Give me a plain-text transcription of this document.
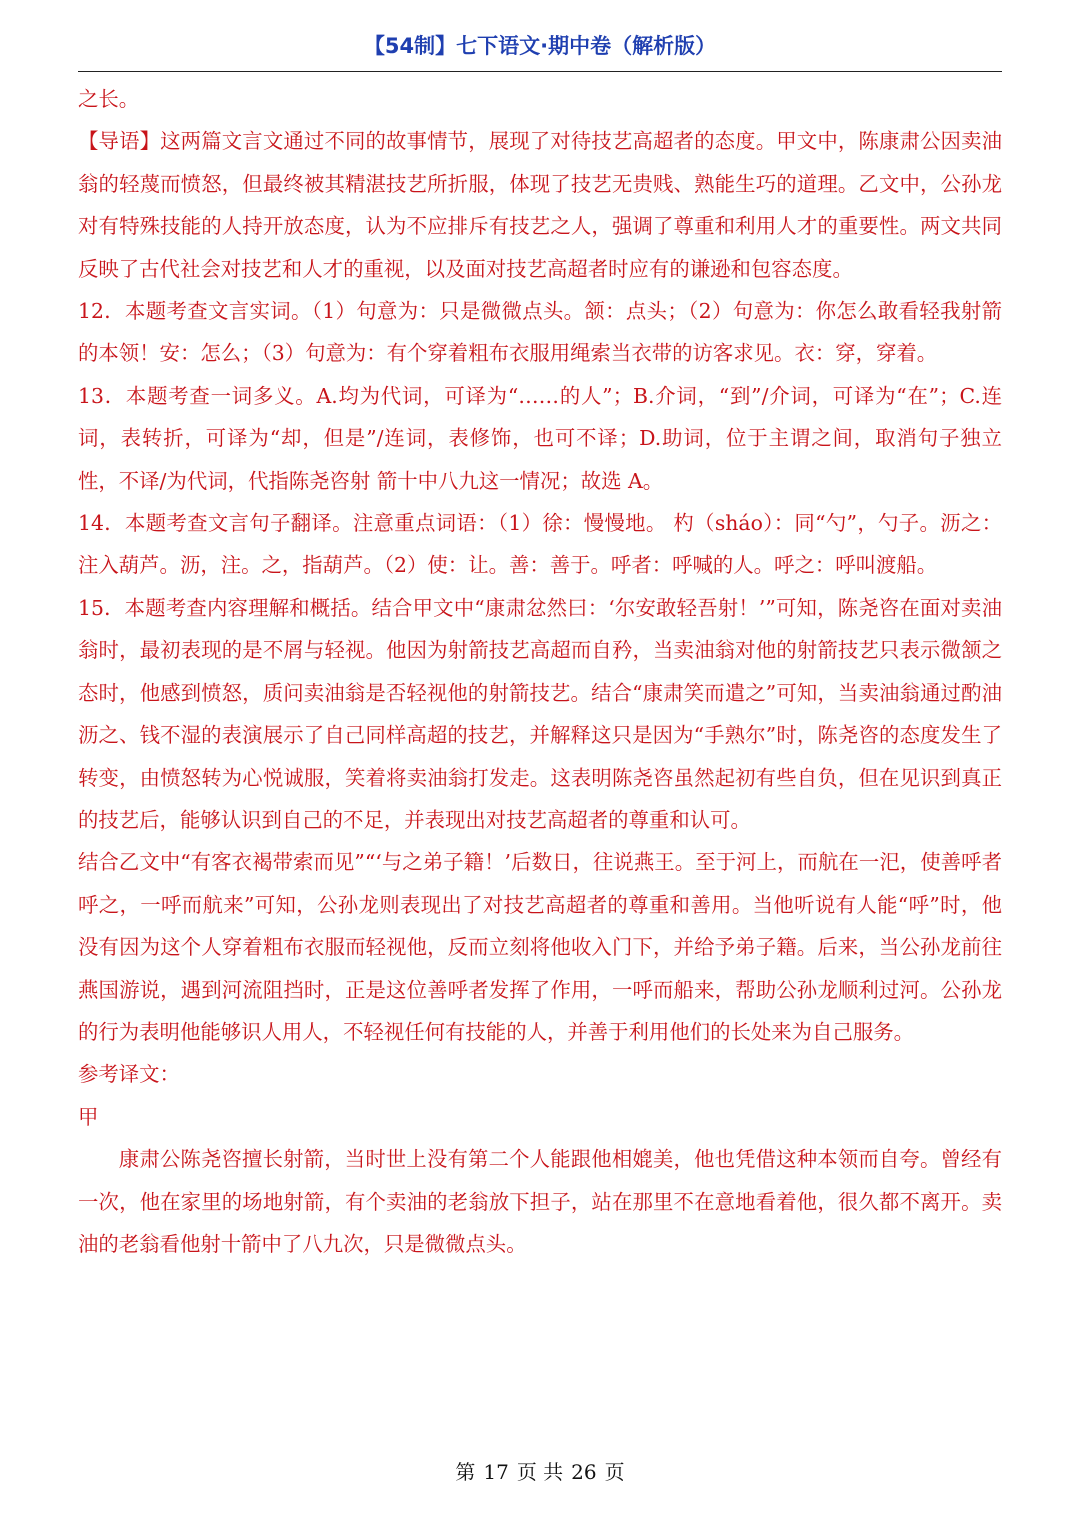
【54制】七下语文·期中卷（解析版）

之长。

【导语】这两篇文言文通过不同的故事情节，展现了对待技艺高超者的态度。甲文中，陈康肃公因卖油翁的轻蔑而愤怒，但最终被其精湛技艺所折服，体现了技艺无贵贱、熟能生巧的道理。乙文中，公孙龙对有特殊技能的人持开放态度，认为不应排斥有技艺之人，强调了尊重和利用人才的重要性。两文共同反映了古代社会对技艺和人才的重视，以及面对技艺高超者时应有的谦逊和包容态度。

12．本题考查文言实词。（1）句意为：只是微微点头。颔：点头；（2）句意为：你怎么敢看轻我射箭的本领！安：怎么；（3）句意为：有个穿着粗布衣服用绳索当衣带的访客求见。衣：穿，穿着。

13．本题考查一词多义。A.均为代词，可译为“……的人”；B.介词，“到”/介词，可译为“在”；C.连词，表转折，可译为“却，但是”/连词，表修饰，也可不译；D.助词，位于主谓之间，取消句子独立性，不译/为代词，代指陈尧咨射 箭十中八九这一情况；故选 A。

14．本题考查文言句子翻译。注意重点词语：（1）徐：慢慢地。 杓（sháo）：同“勺”，勺子。沥之：注入葫芦。沥，注。之，指葫芦。（2）使：让。善：善于。呼者：呼喊的人。呼之：呼叫渡船。

15．本题考查内容理解和概括。结合甲文中“康肃忿然曰：‘尔安敢轻吾射！’”可知，陈尧咨在面对卖油翁时，最初表现的是不屑与轻视。他因为射箭技艺高超而自矜，当卖油翁对他的射箭技艺只表示微颔之态时，他感到愤怒，质问卖油翁是否轻视他的射箭技艺。结合“康肃笑而遣之”可知，当卖油翁通过酌油沥之、钱不湿的表演展示了自己同样高超的技艺，并解释这只是因为“手熟尔”时，陈尧咨的态度发生了转变，由愤怒转为心悦诚服，笑着将卖油翁打发走。这表明陈尧咨虽然起初有些自负，但在见识到真正的技艺后，能够认识到自己的不足，并表现出对技艺高超者的尊重和认可。

结合乙文中“有客衣褐带索而见”“‘与之弟子籍！’后数日，往说燕王。至于河上，而航在一汜，使善呼者呼之，一呼而航来”可知，公孙龙则表现出了对技艺高超者的尊重和善用。当他听说有人能“呼”时，他没有因为这个人穿着粗布衣服而轻视他，反而立刻将他收入门下，并给予弟子籍。后来，当公孙龙前往燕国游说，遇到河流阻挡时，正是这位善呼者发挥了作用，一呼而船来，帮助公孙龙顺利过河。公孙龙的行为表明他能够识人用人，不轻视任何有技能的人，并善于利用他们的长处来为自己服务。

参考译文：

甲

康肃公陈尧咨擅长射箭，当时世上没有第二个人能跟他相媲美，他也凭借这种本领而自夸。曾经有一次，他在家里的场地射箭，有个卖油的老翁放下担子，站在那里不在意地看着他，很久都不离开。卖油的老翁看他射十箭中了八九次，只是微微点头。

第 17 页 共 26 页
